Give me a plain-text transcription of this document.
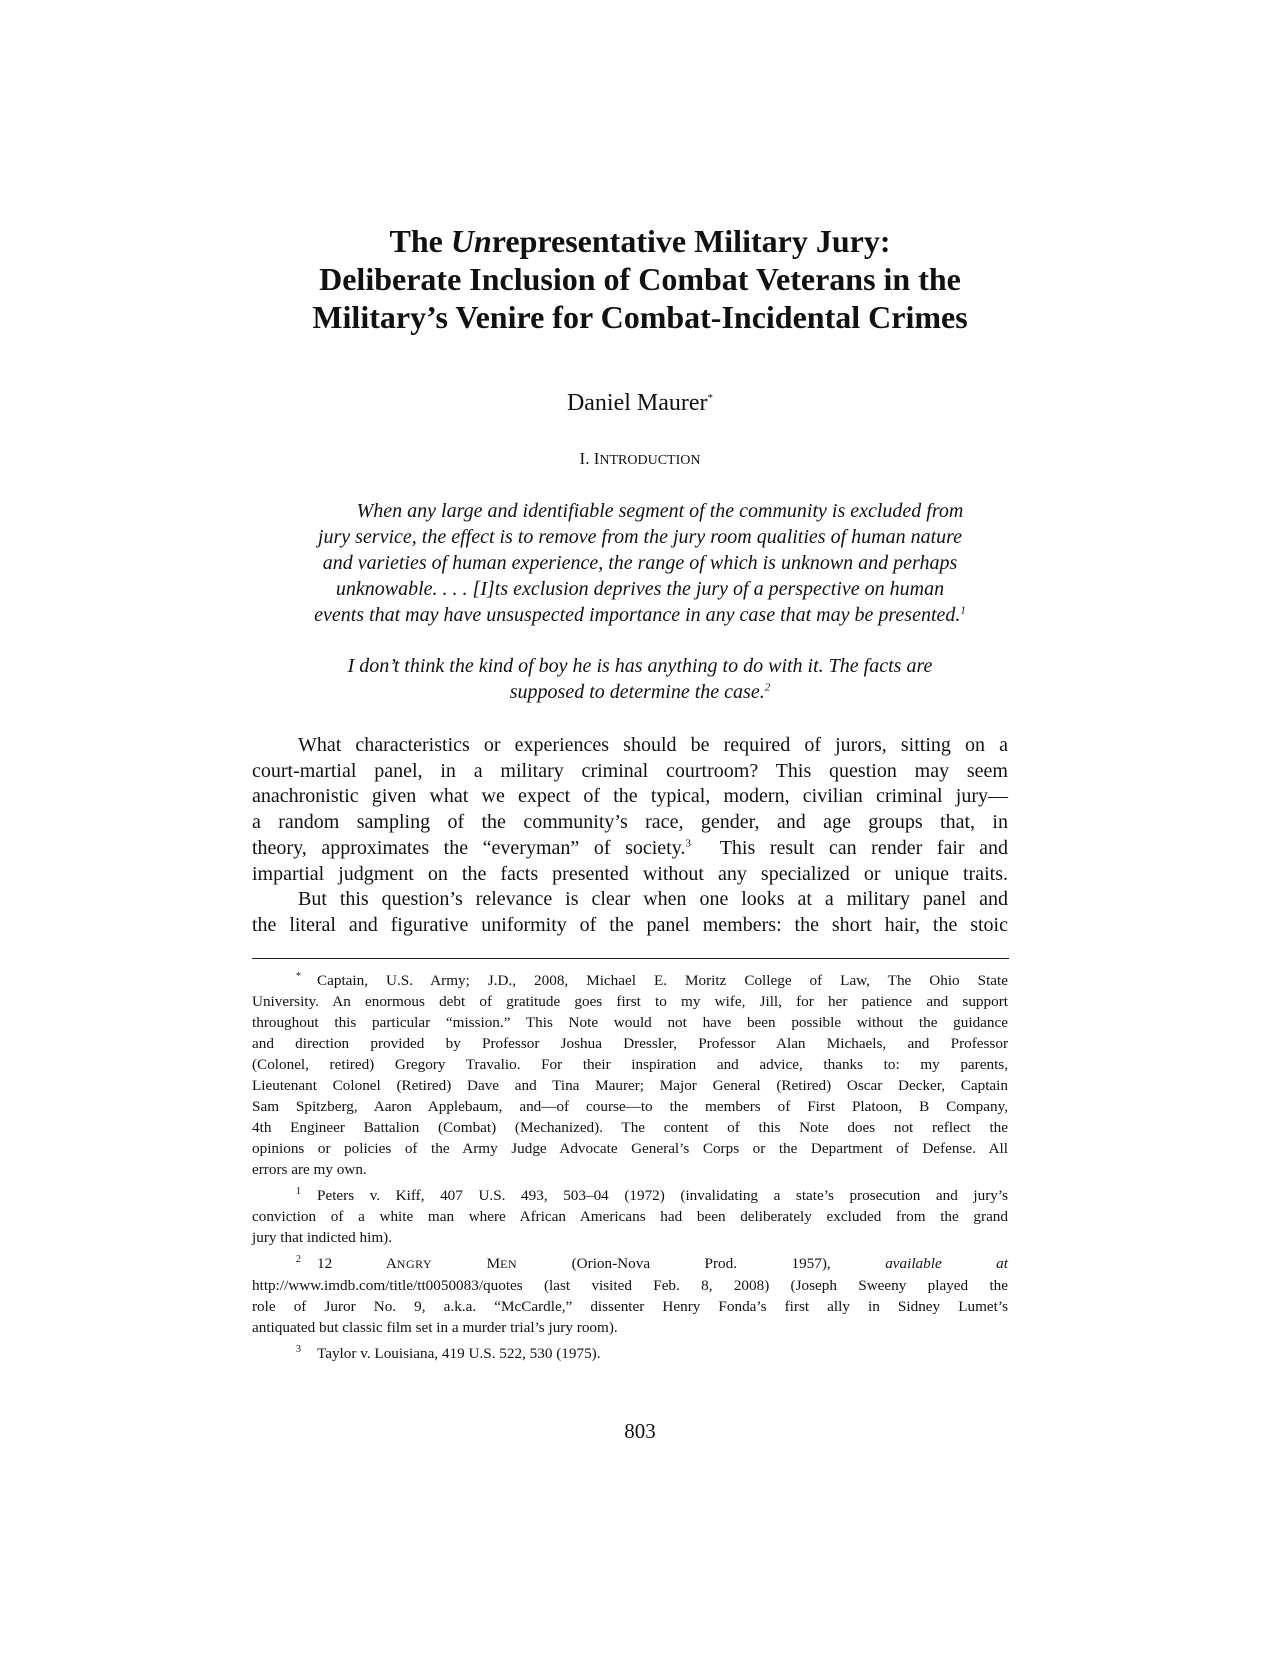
The Unrepresentative Military Jury:
Deliberate Inclusion of Combat Veterans in the
Military’s Venire for Combat-Incidental Crimes
Daniel Maurer*
I. INTRODUCTION
When any large and identifiable segment of the community is excluded from
jury service, the effect is to remove from the jury room qualities of human nature
and varieties of human experience, the range of which is unknown and perhaps
unknowable. . . . [I]ts exclusion deprives the jury of a perspective on human
events that may have unsuspected importance in any case that may be presented.$^1$
I don’t think the kind of boy he is has anything to do with it. The facts are
supposed to determine the case.$^2$
What characteristics or experiences should be required of jurors, sitting on a
court-martial panel, in a military criminal courtroom? This question may seem
anachronistic given what we expect of the typical, modern, civilian criminal jury—
a random sampling of the community’s race, gender, and age groups that, in
theory, approximates the “everyman” of society.$^3$  This result can render fair and
impartial judgment on the facts presented without any specialized or unique traits.
But this question’s relevance is clear when one looks at a military panel and
the literal and figurative uniformity of the panel members: the short hair, the stoic
* Captain, U.S. Army; J.D., 2008, Michael E. Moritz College of Law, The Ohio State
University. An enormous debt of gratitude goes first to my wife, Jill, for her patience and support
throughout this particular “mission.” This Note would not have been possible without the guidance
and direction provided by Professor Joshua Dressler, Professor Alan Michaels, and Professor
(Colonel, retired) Gregory Travalio. For their inspiration and advice, thanks to: my parents,
Lieutenant Colonel (Retired) Dave and Tina Maurer; Major General (Retired) Oscar Decker, Captain
Sam Spitzberg, Aaron Applebaum, and—of course—to the members of First Platoon, B Company,
4th Engineer Battalion (Combat) (Mechanized). The content of this Note does not reflect the
opinions or policies of the Army Judge Advocate General’s Corps or the Department of Defense. All
errors are my own.
$^1$ Peters v. Kiff, 407 U.S. 493, 503–04 (1972) (invalidating a state’s prosecution and jury’s
conviction of a white man where African Americans had been deliberately excluded from the grand
jury that indicted him).
$^2$ 12 ANGRY	MEN (Orion-Nova Prod. 1957), available at
http://www.imdb.com/title/tt0050083/quotes (last visited Feb. 8, 2008) (Joseph Sweeny played the
role of Juror No. 9, a.k.a. “McCardle,” dissenter Henry Fonda’s first ally in Sidney Lumet’s
antiquated but classic film set in a murder trial’s jury room).
$^3$ Taylor v. Louisiana, 419 U.S. 522, 530 (1975).
803
